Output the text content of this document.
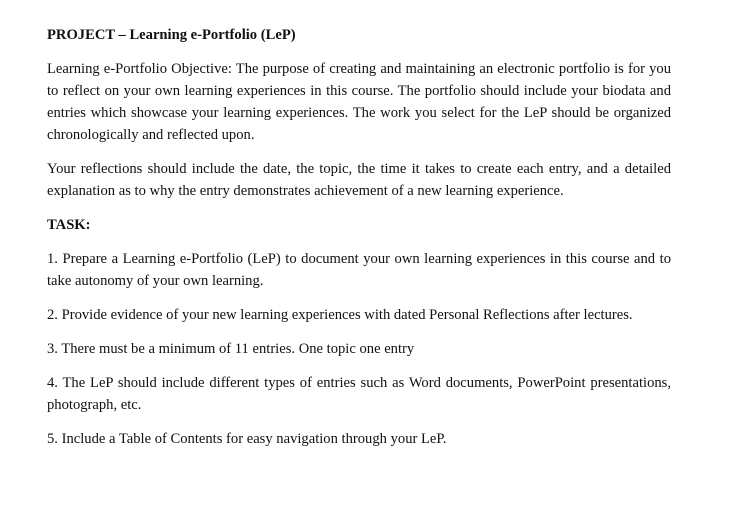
PROJECT – Learning e-Portfolio (LeP)

Learning e-Portfolio Objective: The purpose of creating and maintaining an electronic portfolio is for you to reflect on your own learning experiences in this course. The portfolio should include your biodata and entries which showcase your learning experiences. The work you select for the LeP should be organized chronologically and reflected upon.

Your reflections should include the date, the topic, the time it takes to create each entry, and a detailed explanation as to why the entry demonstrates achievement of a new learning experience.

TASK:

1. Prepare a Learning e-Portfolio (LeP) to document your own learning experiences in this course and to take autonomy of your own learning.

2. Provide evidence of your new learning experiences with dated Personal Reflections after lectures.

3. There must be a minimum of 11 entries. One topic one entry

4. The LeP should include different types of entries such as Word documents, PowerPoint presentations, photograph, etc.

5. Include a Table of Contents for easy navigation through your LeP.
